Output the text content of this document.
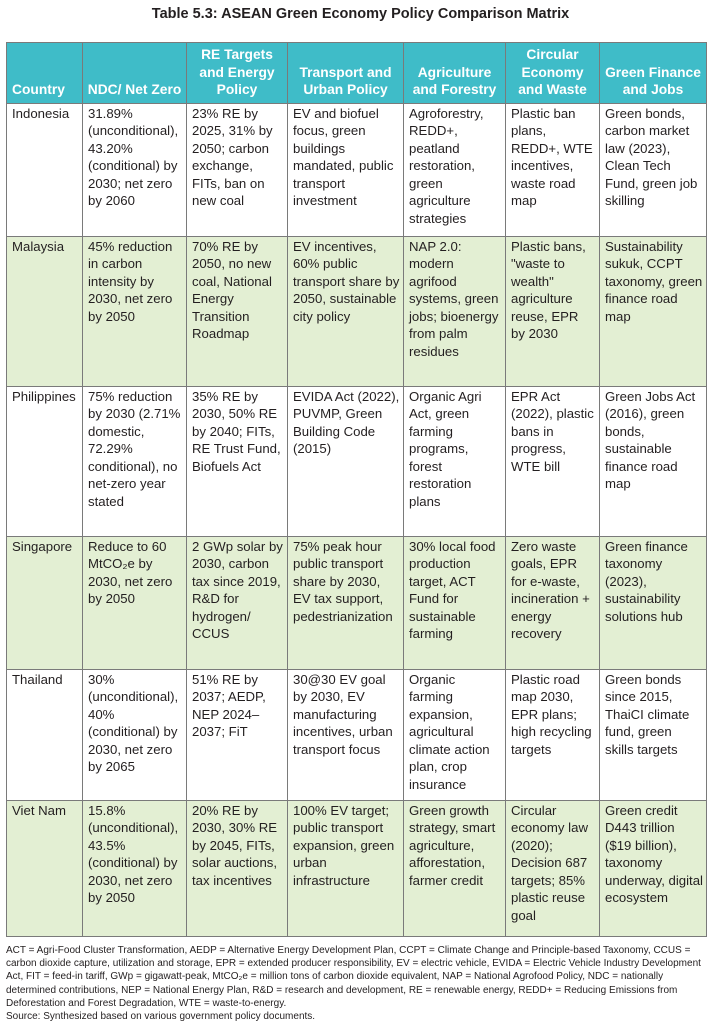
Table 5.3: ASEAN Green Economy Policy Comparison Matrix
Country	NDC/ Net Zero	RE Targets and Energy Policy	Transport and Urban Policy	Agriculture and Forestry	Circular Economy and Waste	Green Finance and Jobs
Indonesia	31.89% (unconditional), 43.20% (conditional) by 2030; net zero by 2060	23% RE by 2025, 31% by 2050; carbon exchange, FITs, ban on new coal	EV and biofuel focus, green buildings mandated, public transport investment	Agroforestry, REDD+, peatland restoration, green agriculture strategies	Plastic ban plans, REDD+, WTE incentives, waste road map	Green bonds, carbon market law (2023), Clean Tech Fund, green job skilling
Malaysia	45% reduction in carbon intensity by 2030, net zero by 2050	70% RE by 2050, no new coal, National Energy Transition Roadmap	EV incentives, 60% public transport share by 2050, sustainable city policy	NAP 2.0: modern agrifood systems, green jobs; bioenergy from palm residues	Plastic bans, "waste to wealth" agriculture reuse, EPR by 2030	Sustainability sukuk, CCPT taxonomy, green finance road map
Philippines	75% reduction by 2030 (2.71% domestic, 72.29% conditional), no net-zero year stated	35% RE by 2030, 50% RE by 2040; FITs, RE Trust Fund, Biofuels Act	EVIDA Act (2022), PUVMP, Green Building Code (2015)	Organic Agri Act, green farming programs, forest restoration plans	EPR Act (2022), plastic bans in progress, WTE bill	Green Jobs Act (2016), green bonds, sustainable finance road map
Singapore	Reduce to 60 MtCO₂e by 2030, net zero by 2050	2 GWp solar by 2030, carbon tax since 2019, R&D for hydrogen/ CCUS	75% peak hour public transport share by 2030, EV tax support, pedestrianization	30% local food production target, ACT Fund for sustainable farming	Zero waste goals, EPR for e-waste, incineration + energy recovery	Green finance taxonomy (2023), sustainability solutions hub
Thailand	30% (unconditional), 40% (conditional) by 2030, net zero by 2065	51% RE by 2037; AEDP, NEP 2024–2037; FiT	30@30 EV goal by 2030, EV manufacturing incentives, urban transport focus	Organic farming expansion, agricultural climate action plan, crop insurance	Plastic road map 2030, EPR plans; high recycling targets	Green bonds since 2015, ThaiCI climate fund, green skills targets
Viet Nam	15.8% (unconditional), 43.5% (conditional) by 2030, net zero by 2050	20% RE by 2030, 30% RE by 2045, FITs, solar auctions, tax incentives	100% EV target; public transport expansion, green urban infrastructure	Green growth strategy, smart agriculture, afforestation, farmer credit	Circular economy law (2020); Decision 687 targets; 85% plastic reuse goal	Green credit D443 trillion ($19 billion), taxonomy underway, digital ecosystem
ACT = Agri-Food Cluster Transformation, AEDP = Alternative Energy Development Plan, CCPT = Climate Change and Principle-based Taxonomy, CCUS = carbon dioxide capture, utilization and storage, EPR = extended producer responsibility, EV = electric vehicle, EVIDA = Electric Vehicle Industry Development Act, FIT = feed-in tariff, GWp = gigawatt-peak, MtCO₂e = million tons of carbon dioxide equivalent, NAP = National Agrofood Policy, NDC = nationally determined contributions, NEP = National Energy Plan, R&D = research and development, RE = renewable energy, REDD+ = Reducing Emissions from Deforestation and Forest Degradation, WTE = waste-to-energy.
Source: Synthesized based on various government policy documents.
